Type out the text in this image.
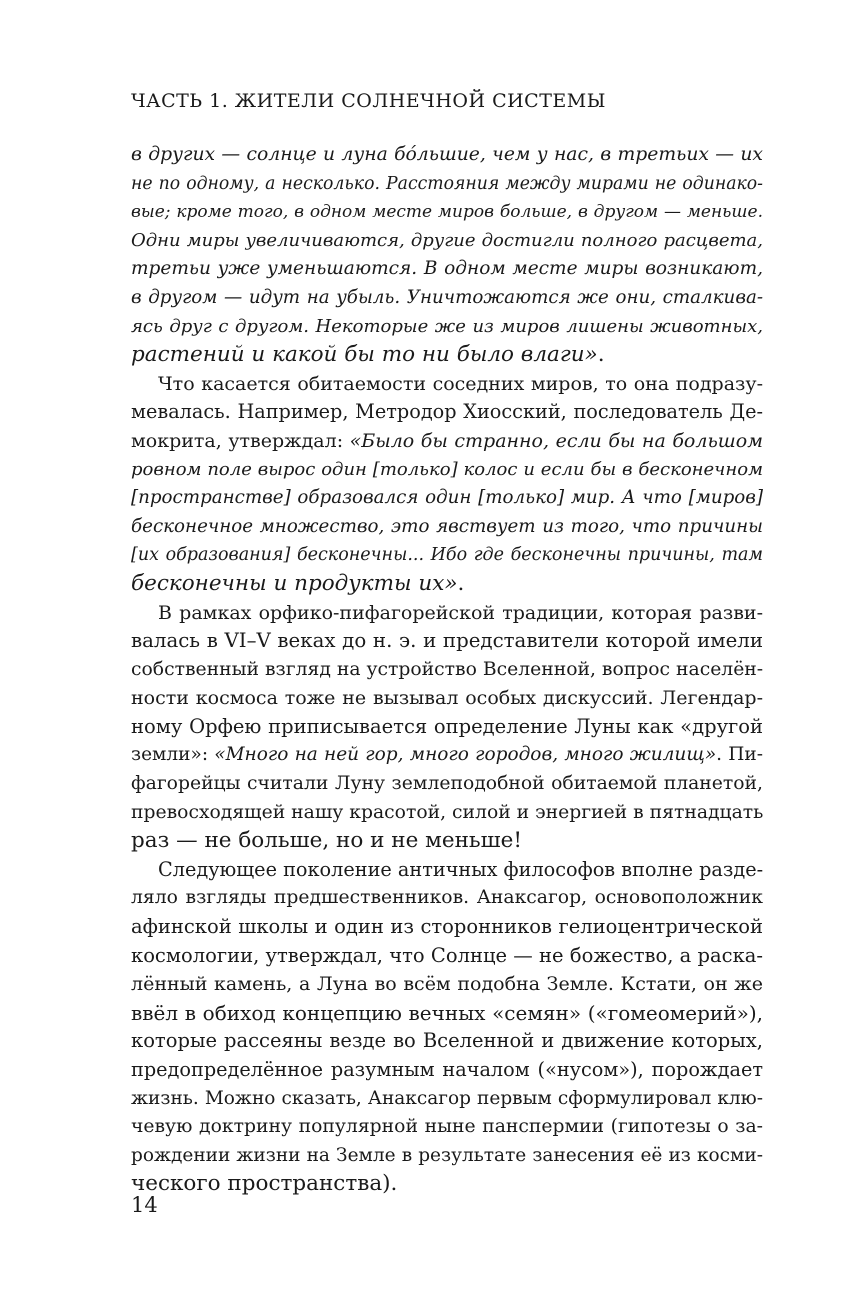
ЧАСТЬ 1. ЖИТЕЛИ СОЛНЕЧНОЙ СИСТЕМЫ
в других — солнце и луна бóльшие, чем у нас, в третьих — их
не по одному, а несколько. Расстояния между мирами не одинако-
вые; кроме того, в одном месте миров больше, в другом — меньше.
Одни миры увеличиваются, другие достигли полного расцвета,
третьи уже уменьшаются. В одном месте миры возникают,
в другом — идут на убыль. Уничтожаются же они, сталкива-
ясь друг с другом. Некоторые же из миров лишены животных,
растений и какой бы то ни было влаги».
Что касается обитаемости соседних миров, то она подразу-
мевалась. Например, Метродор Хиосский, последователь Де-
мокрита, утверждал: «Было бы странно, если бы на большом
ровном поле вырос один [только] колос и если бы в бесконечном
[пространстве] образовался один [только] мир. А что [миров]
бесконечное множество, это явствует из того, что причины
[их образования] бесконечны... Ибо где бесконечны причины, там
бесконечны и продукты их».
В рамках орфико-пифагорейской традиции, которая разви-
валась в VI–V веках до н. э. и представители которой имели
собственный взгляд на устройство Вселенной, вопрос населён-
ности космоса тоже не вызывал особых дискуссий. Легендар-
ному Орфею приписывается определение Луны как «другой
земли»: «Много на ней гор, много городов, много жилищ». Пи-
фагорейцы считали Луну землеподобной обитаемой планетой,
превосходящей нашу красотой, силой и энергией в пятнадцать
раз — не больше, но и не меньше!
Следующее поколение античных философов вполне разде-
ляло взгляды предшественников. Анаксагор, основоположник
афинской школы и один из сторонников гелиоцентрической
космологии, утверждал, что Солнце — не божество, а раска-
лённый камень, а Луна во всём подобна Земле. Кстати, он же
ввёл в обиход концепцию вечных «семян» («гомеомерий»),
которые рассеяны везде во Вселенной и движение которых,
предопределённое разумным началом («нусом»), порождает
жизнь. Можно сказать, Анаксагор первым сформулировал клю-
чевую доктрину популярной ныне панспермии (гипотезы о за-
рождении жизни на Земле в результате занесения её из косми-
ческого пространства).
14
